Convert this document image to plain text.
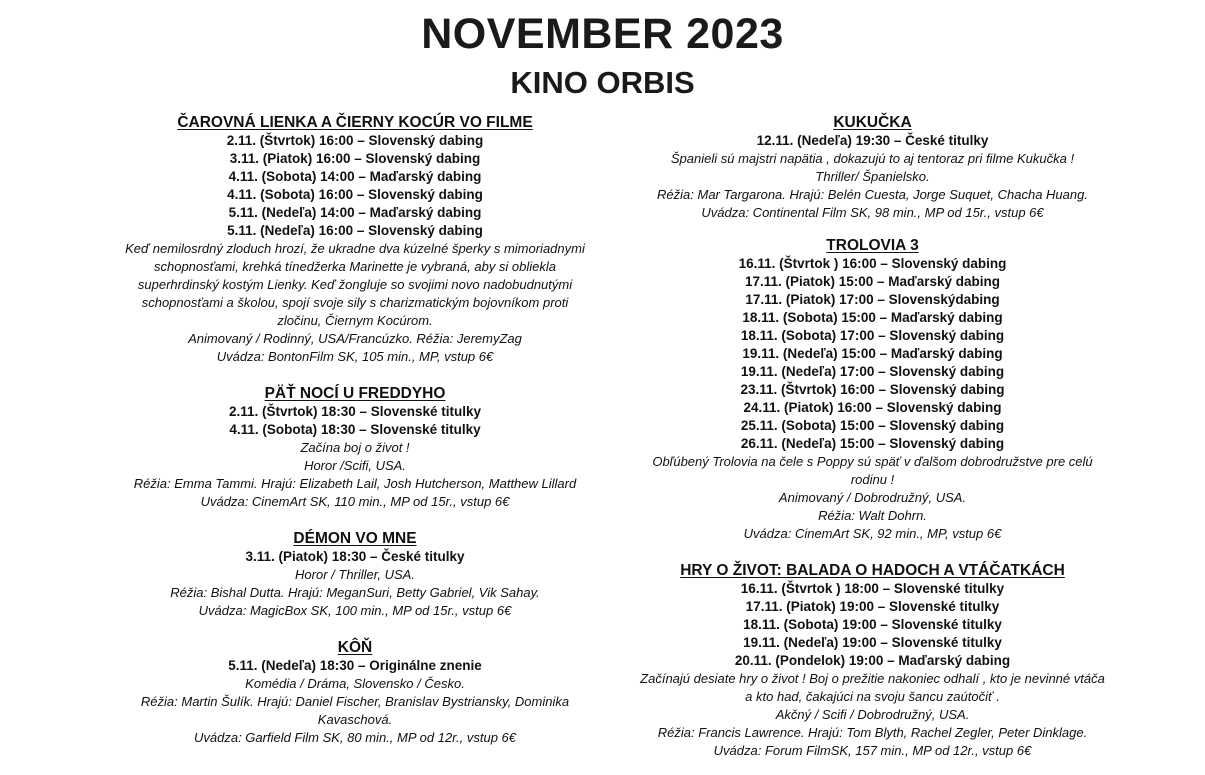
NOVEMBER 2023
KINO ORBIS
ČAROVNÁ LIENKA A ČIERNY KOCÚR VO FILME
2.11. (Štvrtok) 16:00 – Slovenský dabing
3.11. (Piatok) 16:00 – Slovenský dabing
4.11. (Sobota) 14:00 – Maďarský dabing
4.11. (Sobota) 16:00 – Slovenský dabing
5.11. (Nedeľa) 14:00 – Maďarský dabing
5.11. (Nedeľa) 16:00 – Slovenský dabing
Keď nemilosrdný zloduch hrozí, že ukradne dva kúzelné šperky s mimoriadnymi
schopnosťami, krehká tínedžerka Marinette je vybraná, aby si obliekla
superhrdinský kostým Lienky. Keď žongluje so svojimi novo nadobudnutými
schopnosťami a školou, spojí svoje sily s charizmatickým bojovníkom proti
zločinu, Čiernym Kocúrom.
Animovaný / Rodinný, USA/Francúzko. Réžia: JeremyZag
Uvádza: BontonFilm SK, 105 min., MP, vstup 6€
PÄŤ NOCÍ U FREDDYHO
2.11. (Štvrtok) 18:30 – Slovenské titulky
4.11. (Sobota) 18:30 – Slovenské titulky
Začína boj o život !
Horor /Scifi, USA.
Réžia: Emma Tammi. Hrajú: Elizabeth Lail, Josh Hutcherson, Matthew Lillard
Uvádza: CinemArt SK, 110 min., MP od 15r., vstup 6€
DÉMON VO MNE
3.11. (Piatok) 18:30 – České titulky
Horor / Thriller, USA.
Réžia: Bishal Dutta. Hrajú: MeganSuri, Betty Gabriel, Vik Sahay.
Uvádza: MagicBox SK, 100 min., MP od 15r., vstup 6€
KÔŇ
5.11. (Nedeľa) 18:30 – Originálne znenie
Komédia / Dráma, Slovensko / Česko.
Réžia: Martin Šulík. Hrajú: Daniel Fischer, Branislav Bystriansky, Dominika
Kavaschová.
Uvádza: Garfield Film SK, 80 min., MP od 12r., vstup 6€
KUKUČKA
12.11. (Nedeľa) 19:30 – České titulky
Španieli sú majstri napätia , dokazujú to aj tentoraz pri filme Kukučka !
Thriller/ Španielsko.
Réžia: Mar Targarona. Hrajú: Belén Cuesta, Jorge Suquet, Chacha Huang.
Uvádza: Continental Film SK, 98 min., MP od 15r., vstup 6€
TROLOVIA 3
16.11. (Štvrtok ) 16:00 – Slovenský dabing
17.11. (Piatok) 15:00 – Maďarský dabing
17.11. (Piatok) 17:00 – Slovenskýdabing
18.11. (Sobota) 15:00 – Maďarský dabing
18.11. (Sobota) 17:00 – Slovenský dabing
19.11. (Nedeľa) 15:00 – Maďarský dabing
19.11. (Nedeľa) 17:00 – Slovenský dabing
23.11. (Štvrtok) 16:00 – Slovenský dabing
24.11. (Piatok) 16:00 – Slovenský dabing
25.11. (Sobota) 15:00 – Slovenský dabing
26.11. (Nedeľa) 15:00 – Slovenský dabing
Obľúbený Trolovia na čele s Poppy sú späť v ďalšom dobrodružstve pre celú
rodinu !
Animovaný / Dobrodružný, USA.
Réžia: Walt Dohrn.
Uvádza: CinemArt SK, 92 min., MP, vstup 6€
HRY O ŽIVOT: BALADA O HADOCH A VTÁČATKÁCH
16.11. (Štvrtok ) 18:00 – Slovenské titulky
17.11. (Piatok) 19:00 – Slovenské titulky
18.11. (Sobota) 19:00 – Slovenské titulky
19.11. (Nedeľa) 19:00 – Slovenské titulky
20.11. (Pondelok) 19:00 – Maďarský dabing
Začínajú desiate hry o život ! Boj o prežitie nakoniec odhalí , kto je nevinné vtáča
a kto had, čakajúci na svoju šancu zaútočiť .
Akčný / Scifi / Dobrodružný, USA.
Réžia: Francis Lawrence. Hrajú: Tom Blyth, Rachel Zegler, Peter Dinklage.
Uvádza: Forum FilmSK, 157 min., MP od 12r., vstup 6€
